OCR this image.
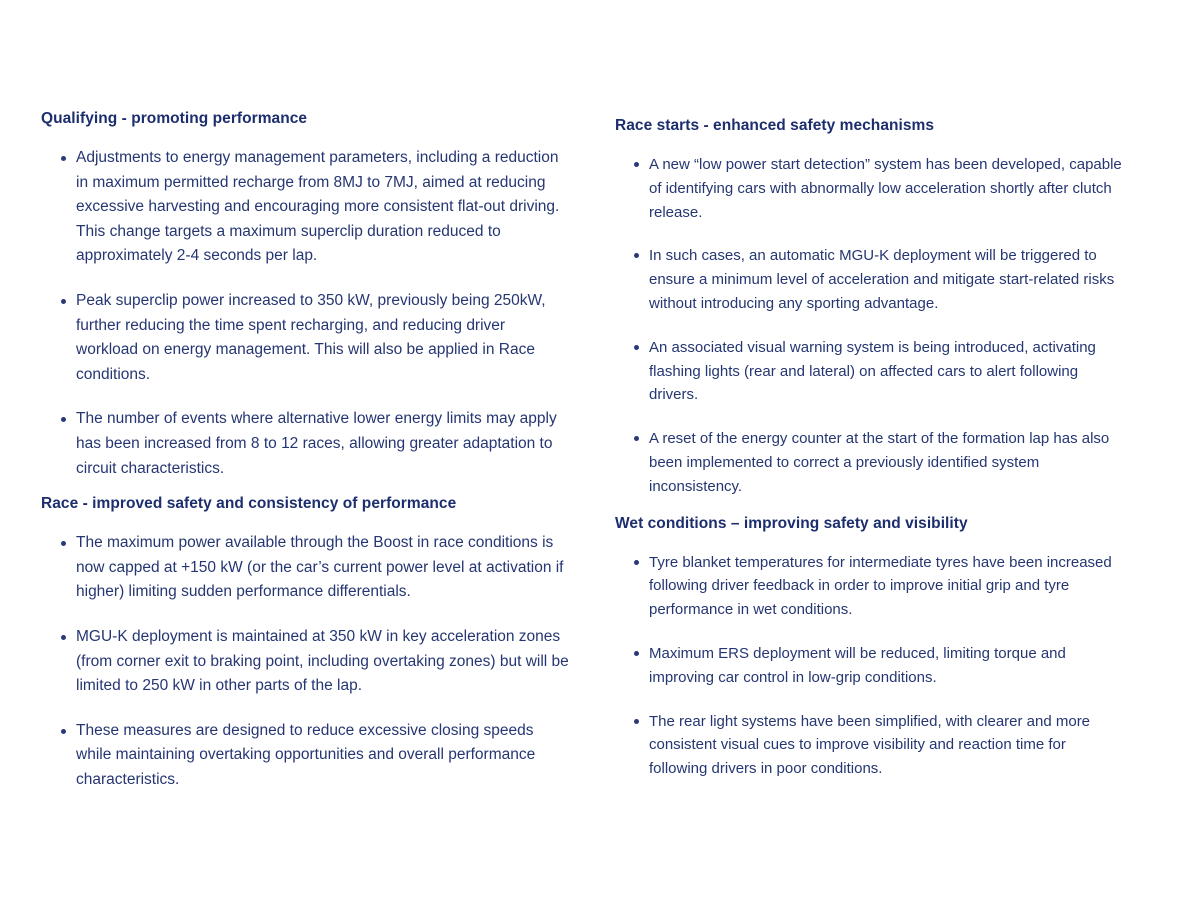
Qualifying - promoting performance
Adjustments to energy management parameters, including a reduction in maximum permitted recharge from 8MJ to 7MJ, aimed at reducing excessive harvesting and encouraging more consistent flat-out driving. This change targets a maximum superclip duration reduced to approximately 2-4 seconds per lap.
Peak superclip power increased to 350 kW, previously being 250kW, further reducing the time spent recharging, and reducing driver workload on energy management. This will also be applied in Race conditions.
The number of events where alternative lower energy limits may apply has been increased from 8 to 12 races, allowing greater adaptation to circuit characteristics.
Race - improved safety and consistency of performance
The maximum power available through the Boost in race conditions is now capped at +150 kW (or the car’s current power level at activation if higher) limiting sudden performance differentials.
MGU-K deployment is maintained at 350 kW in key acceleration zones (from corner exit to braking point, including overtaking zones) but will be limited to 250 kW in other parts of the lap.
These measures are designed to reduce excessive closing speeds while maintaining overtaking opportunities and overall performance characteristics.
Race starts - enhanced safety mechanisms
A new “low power start detection” system has been developed, capable of identifying cars with abnormally low acceleration shortly after clutch release.
In such cases, an automatic MGU-K deployment will be triggered to ensure a minimum level of acceleration and mitigate start-related risks without introducing any sporting advantage.
An associated visual warning system is being introduced, activating flashing lights (rear and lateral) on affected cars to alert following drivers.
A reset of the energy counter at the start of the formation lap has also been implemented to correct a previously identified system inconsistency.
Wet conditions – improving safety and visibility
Tyre blanket temperatures for intermediate tyres have been increased following driver feedback in order to improve initial grip and tyre performance in wet conditions.
Maximum ERS deployment will be reduced, limiting torque and improving car control in low-grip conditions.
The rear light systems have been simplified, with clearer and more consistent visual cues to improve visibility and reaction time for following drivers in poor conditions.
